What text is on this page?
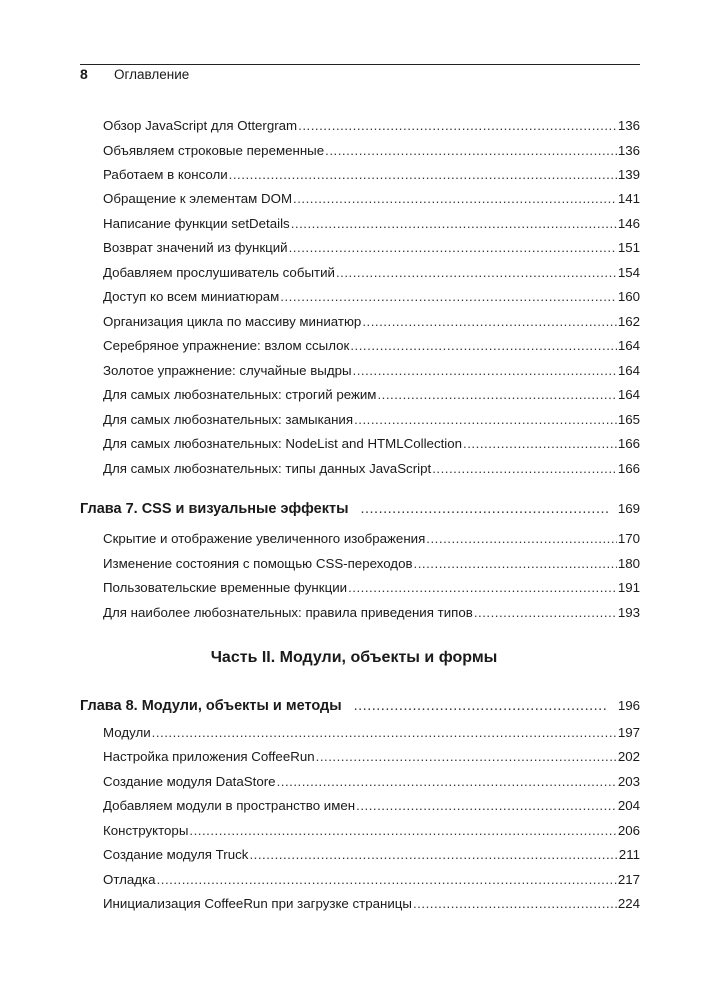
8 Оглавление
Обзор JavaScript для Ottergram .....	136
Объявляем строковые переменные .....	136
Работаем в консоли .....	139
Обращение к элементам DOM .....	141
Написание функции setDetails .....	146
Возврат значений из функций .....	151
Добавляем прослушиватель событий .....	154
Доступ ко всем миниатюрам .....	160
Организация цикла по массиву миниатюр .....	162
Серебряное упражнение: взлом ссылок .....	164
Золотое упражнение: случайные выдры .....	164
Для самых любознательных: строгий режим .....	164
Для самых любознательных: замыкания .....	165
Для самых любознательных: NodeList and HTMLCollection .....	166
Для самых любознательных: типы данных JavaScript .....	166
Глава 7. CSS и визуальные эффекты .....	169
Скрытие и отображение увеличенного изображения .....	170
Изменение состояния с помощью CSS-переходов .....	180
Пользовательские временные функции .....	191
Для наиболее любознательных: правила приведения типов .....	193
Часть II. Модули, объекты и формы
Глава 8. Модули, объекты и методы .....	196
Модули .....	197
Настройка приложения CoffeeRun .....	202
Создание модуля DataStore .....	203
Добавляем модули в пространство имен .....	204
Конструкторы .....	206
Создание модуля Truck .....	211
Отладка .....	217
Инициализация CoffeeRun при загрузке страницы .....	224
